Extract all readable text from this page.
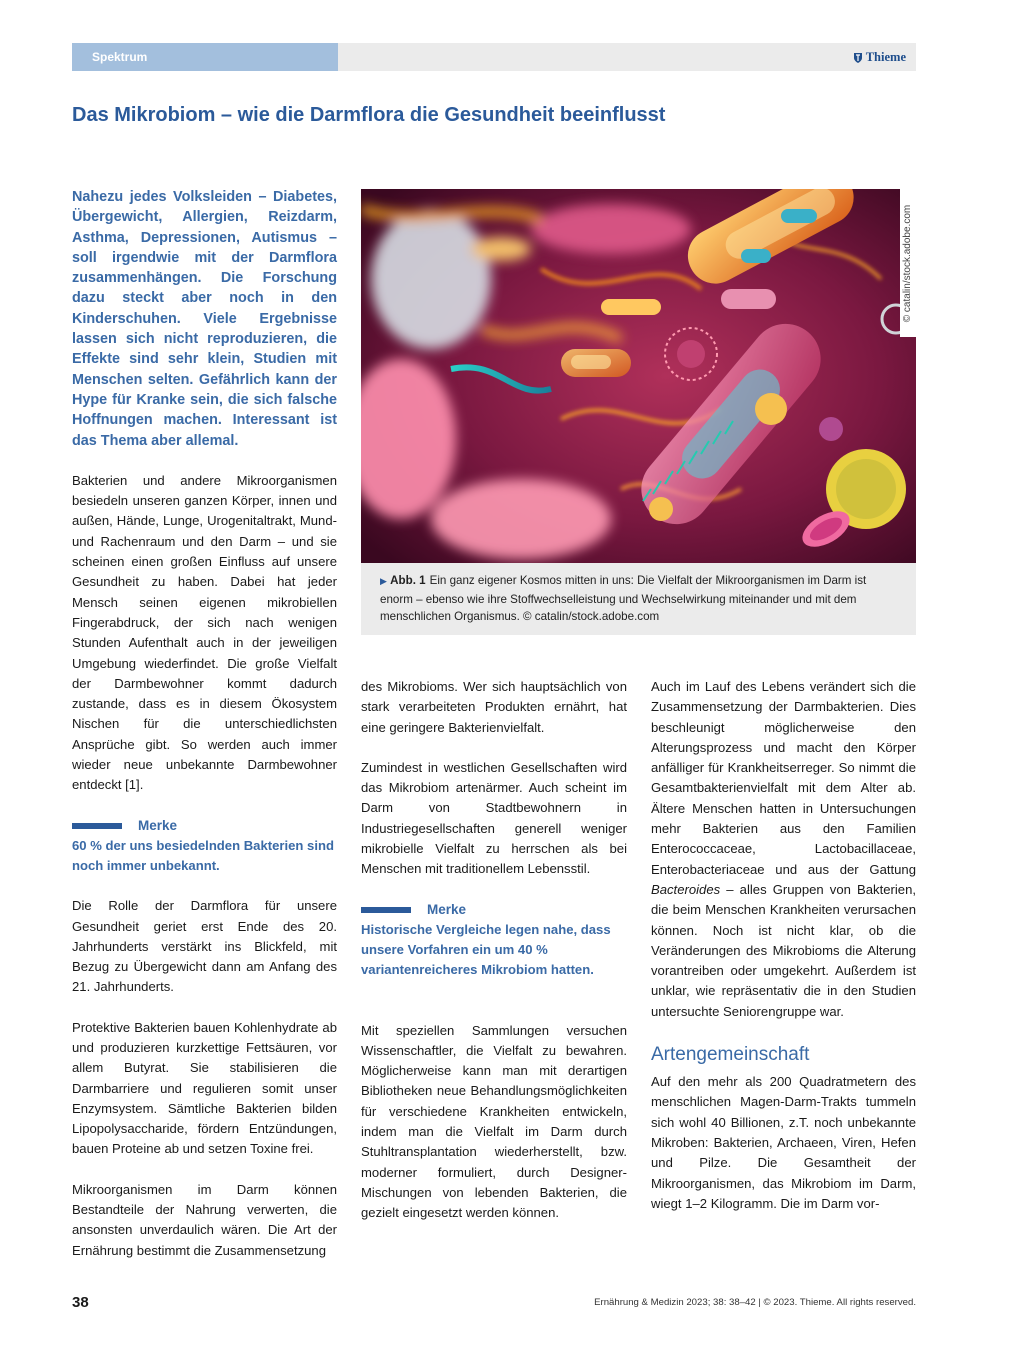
Spektrum	Thieme
Das Mikrobiom – wie die Darmflora die Gesundheit beeinflusst

Nahezu jedes Volksleiden – Diabetes, Übergewicht, Allergien, Reizdarm, Asthma, Depressionen, Autismus – soll irgendwie mit der Darmflora zusammenhängen. Die Forschung dazu steckt aber noch in den Kinderschuhen. Viele Ergebnisse lassen sich nicht reproduzieren, die Effekte sind sehr klein, Studien mit Menschen selten. Gefährlich kann der Hype für Kranke sein, die sich falsche Hoffnungen machen. Interessant ist das Thema aber allemal.

Bakterien und andere Mikroorganismen besiedeln unseren ganzen Körper, innen und außen, Hände, Lunge, Urogenitaltrakt, Mund- und Rachenraum und den Darm – und sie scheinen einen großen Einfluss auf unsere Gesundheit zu haben. Dabei hat jeder Mensch seinen eigenen mikrobiellen Fingerabdruck, der sich nach wenigen Stunden Aufenthalt auch in der jeweiligen Umgebung wiederfindet. Die große Vielfalt der Darmbewohner kommt dadurch zustande, dass es in diesem Ökosystem Nischen für die unterschiedlichsten Ansprüche gibt. So werden auch immer wieder neue unbekannte Darmbewohner entdeckt [1].

Merke
60 % der uns besiedelnden Bakterien sind noch immer unbekannt.

Die Rolle der Darmflora für unsere Gesundheit geriet erst Ende des 20. Jahrhunderts verstärkt ins Blickfeld, mit Bezug zu Übergewicht dann am Anfang des 21. Jahrhunderts.

Protektive Bakterien bauen Kohlenhydrate ab und produzieren kurzkettige Fettsäuren, vor allem Butyrat. Sie stabilisieren die Darmbarriere und regulieren somit unser Enzymsystem. Sämtliche Bakterien bilden Lipopolysaccharide, fördern Entzündungen, bauen Proteine ab und setzen Toxine frei.

Mikroorganismen im Darm können Bestandteile der Nahrung verwerten, die ansonsten unverdaulich wären. Die Art der Ernährung bestimmt die Zusammensetzung

© catalin/stock.adobe.com
▶ Abb. 1 Ein ganz eigener Kosmos mitten in uns: Die Vielfalt der Mikroorganismen im Darm ist enorm – ebenso wie ihre Stoffwechselleistung und Wechselwirkung miteinander und mit dem menschlichen Organismus. © catalin/stock.adobe.com

des Mikrobioms. Wer sich hauptsächlich von stark verarbeiteten Produkten ernährt, hat eine geringere Bakterienvielfalt.

Zumindest in westlichen Gesellschaften wird das Mikrobiom artenärmer. Auch scheint im Darm von Stadtbewohnern in Industriegesellschaften generell weniger mikrobielle Vielfalt zu herrschen als bei Menschen mit traditionellem Lebensstil.

Merke
Historische Vergleiche legen nahe, dass unsere Vorfahren ein um 40 % variantenreicheres Mikrobiom hatten.

Mit speziellen Sammlungen versuchen Wissenschaftler, die Vielfalt zu bewahren. Möglicherweise kann man mit derartigen Bibliotheken neue Behandlungsmöglichkeiten für verschiedene Krankheiten entwickeln, indem man die Vielfalt im Darm durch Stuhltransplantation wiederherstellt, bzw. moderner formuliert, durch Designer-Mischungen von lebenden Bakterien, die gezielt eingesetzt werden können.

Auch im Lauf des Lebens verändert sich die Zusammensetzung der Darmbakterien. Dies beschleunigt möglicherweise den Alterungsprozess und macht den Körper anfälliger für Krankheitserreger. So nimmt die Gesamtbakterienvielfalt mit dem Alter ab. Ältere Menschen hatten in Untersuchungen mehr Bakterien aus den Familien Enterococcaceae, Lactobacillaceae, Enterobacteriaceae und aus der Gattung Bacteroides – alles Gruppen von Bakterien, die beim Menschen Krankheiten verursachen können. Noch ist nicht klar, ob die Veränderungen des Mikrobioms die Alterung vorantreiben oder umgekehrt. Außerdem ist unklar, wie repräsentativ die in den Studien untersuchte Seniorengruppe war.

Artengemeinschaft

Auf den mehr als 200 Quadratmetern des menschlichen Magen-Darm-Trakts tummeln sich wohl 40 Billionen, z.T. noch unbekannte Mikroben: Bakterien, Archaeen, Viren, Hefen und Pilze. Die Gesamtheit der Mikroorganismen, das Mikrobiom im Darm, wiegt 1–2 Kilogramm. Die im Darm vor-

38	Ernährung & Medizin 2023; 38: 38–42 | © 2023. Thieme. All rights reserved.
